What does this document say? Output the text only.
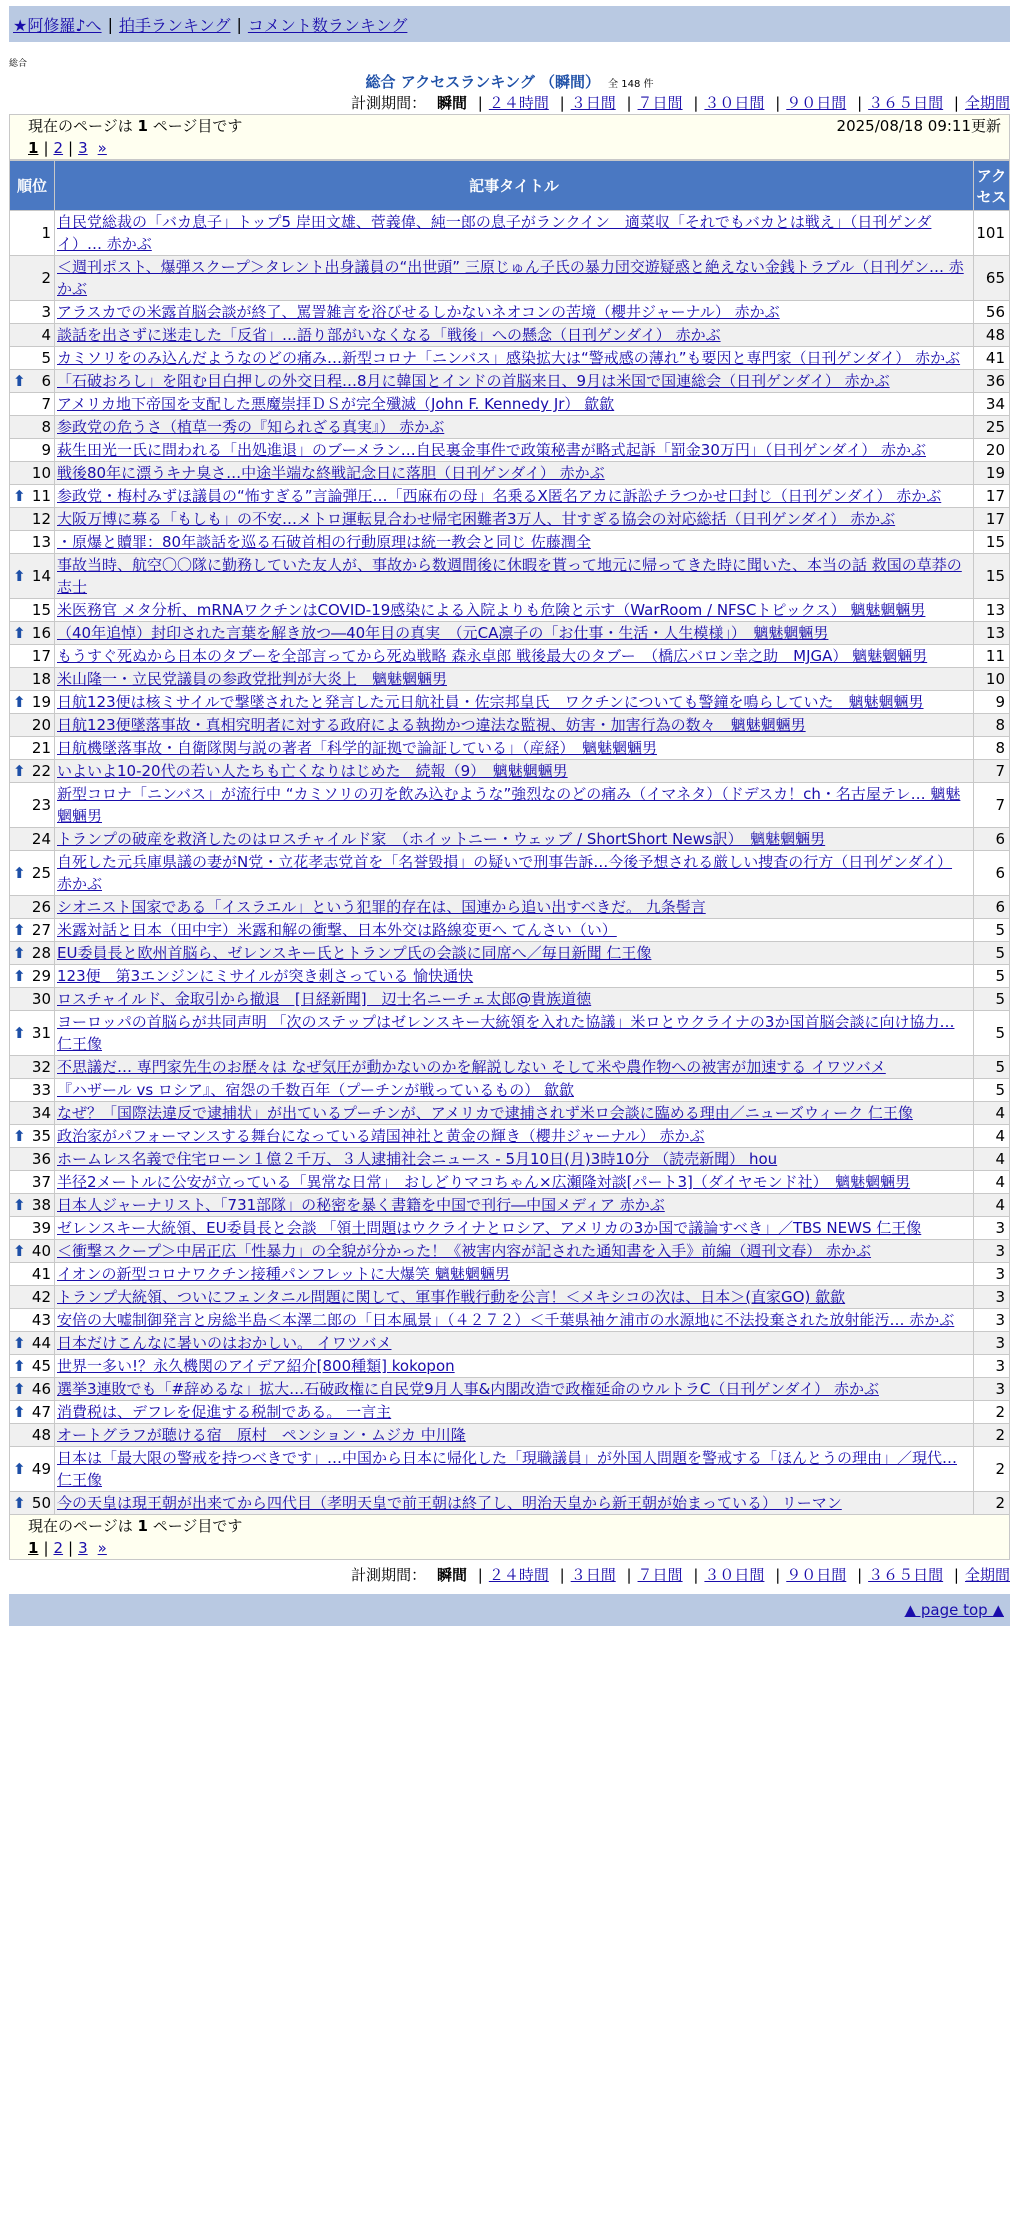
★阿修羅♪へ | 拍手ランキング | コメント数ランキング
総合
総合 アクセスランキング （瞬間） 全 148 件
計測期間： 瞬間 | ２４時間 | ３日間 | ７日間 | ３０日間 | ９０日間 | ３６５日間 | 全期間
現在のページは 1 ページ目です	2025/08/18 09:11更新
1 | 2 | 3 »
順位	記事タイトル	アクセス
1	自民党総裁の「バカ息子」トップ5 岸田文雄、菅義偉、純一郎の息子がランクイン　適菜収「それでもバカとは戦え」（日刊ゲンダイ）… 赤かぶ	101
2	＜週刊ポスト、爆弾スクープ＞タレント出身議員の“出世頭” 三原じゅん子氏の暴力団交遊疑惑と絶えない金銭トラブル（日刊ゲン… 赤かぶ	65
3	アラスカでの米露首脳会談が終了、罵詈雑言を浴びせるしかないネオコンの苦境（櫻井ジャーナル） 赤かぶ	56
4	談話を出さずに迷走した「反省」…語り部がいなくなる「戦後」への懸念（日刊ゲンダイ） 赤かぶ	48
5	カミソリをのみ込んだようなのどの痛み…新型コロナ「ニンバス」感染拡大は“警戒感の薄れ”も要因と専門家（日刊ゲンダイ） 赤かぶ	41

⬆ 6	「石破おろし」を阻む目白押しの外交日程…8月に韓国とインドの首脳来日、9月は米国で国連総会（日刊ゲンダイ） 赤かぶ	36
7	アメリカ地下帝国を支配した悪魔崇拝ＤＳが完全殲滅（John F. Kennedy Jr） 歙歙	34
8	参政党の危うさ（植草一秀の『知られざる真実』） 赤かぶ	25
9	萩生田光一氏に問われる「出処進退」のブーメラン…自民裏金事件で政策秘書が略式起訴「罰金30万円」（日刊ゲンダイ） 赤かぶ	20
10	戦後80年に漂うキナ臭さ…中途半端な終戦記念日に落胆（日刊ゲンダイ） 赤かぶ	19

⬆ 11	参政党・梅村みずほ議員の“怖すぎる”言論弾圧…「西麻布の母」名乗るX匿名アカに訴訟チラつかせ口封じ（日刊ゲンダイ） 赤かぶ	17
12	大阪万博に募る「もしも」の不安…メトロ運転見合わせ帰宅困難者3万人、甘すぎる協会の対応総括（日刊ゲンダイ） 赤かぶ	17
13	・原爆と贖罪：80年談話を巡る石破首相の行動原理は統一教会と同じ 佐藤潤全	15

⬆ 14	事故当時、航空〇〇隊に勤務していた友人が、事故から数週間後に休暇を貰って地元に帰ってきた時に聞いた、本当の話 救国の草莽の志士	15
15	米医務官 メタ分析、mRNAワクチンはCOVID-19感染による入院よりも危険と示す（WarRoom / NFSCトピックス） 魑魅魍魎男	13

⬆ 16	（40年追悼）封印された言葉を解き放つ―40年目の真実　（元CA凛子の「お仕事・生活・人生模様」）　魑魅魍魎男	13
17	もうすぐ死ぬから日本のタブーを全部言ってから死ぬ戦略 森永卓郎 戦後最大のタブー　（橋広バロン幸之助　MJGA） 魑魅魍魎男	11
18	米山隆一・立民党議員の参政党批判が大炎上　魑魅魍魎男	10

⬆ 19	日航123便は核ミサイルで撃墜されたと発言した元日航社員・佐宗邦皇氏　ワクチンについても警鐘を鳴らしていた　魑魅魍魎男	9
20	日航123便墜落事故・真相究明者に対する政府による執拗かつ違法な監視、妨害・加害行為の数々　魑魅魍魎男	8
21	日航機墜落事故・自衛隊関与説の著者「科学的証拠で論証している」（産経）　魑魅魍魎男	8

⬆ 22	いよいよ10-20代の若い人たちも亡くなりはじめた　続報（9）　魑魅魍魎男	7
23	新型コロナ「ニンバス」が流行中 “カミソリの刃を飲み込むような”強烈なのどの痛み（イマネタ）（ドデスカ！ch・名古屋テレ… 魑魅魍魎男	7
24	トランプの破産を救済したのはロスチャイルド家　（ホイットニー・ウェッブ / ShortShort News訳）　魑魅魍魎男	6

⬆ 25	自死した元兵庫県議の妻がN党・立花孝志党首を「名誉毀損」の疑いで刑事告訴…今後予想される厳しい捜査の行方（日刊ゲンダイ） 赤かぶ	6
26	シオニスト国家である「イスラエル」という犯罪的存在は、国連から追い出すべきだ。 九条髻言	6

⬆ 27	米露対話と日本（田中宇）米露和解の衝撃、日本外交は路線変更へ てんさい（い）	5

⬆ 28	EU委員長と欧州首脳ら、ゼレンスキー氏とトランプ氏の会談に同席へ／毎日新聞 仁王像	5

⬆ 29	123便　第3エンジンにミサイルが突き刺さっている 愉快通快	5
30	ロスチャイルド、金取引から撤退　[日経新聞]　辺士名ニーチェ太郎@貴族道徳	5

⬆ 31	ヨーロッパの首脳らが共同声明 「次のステップはゼレンスキー大統領を入れた協議」米ロとウクライナの3か国首脳会談に向け協力… 仁王像	5
32	不思議だ… 専門家先生のお歴々は なぜ気圧が動かないのかを解説しない そして米や農作物への被害が加速する イワツバメ	5
33	『ハザール vs ロシア』、宿怨の千数百年（プーチンが戦っているもの） 歙歙	5
34	なぜ？「国際法違反で逮捕状」が出ているプーチンが、アメリカで逮捕されず米ロ会談に臨める理由／ニューズウィーク 仁王像	4

⬆ 35	政治家がパフォーマンスする舞台になっている靖国神社と黄金の輝き（櫻井ジャーナル） 赤かぶ	4
36	ホームレス名義で住宅ローン１億２千万、３人逮捕社会ニュース - 5月10日(月)3時10分 （読売新聞） hou	4
37	半径2メートルに公安が立っている「異常な日常」　おしどりマコちゃん×広瀬隆対談[パート3]（ダイヤモンド社）　魑魅魍魎男	4

⬆ 38	日本人ジャーナリスト、「731部隊」の秘密を暴く書籍を中国で刊行―中国メディア 赤かぶ	4
39	ゼレンスキー大統領、EU委員長と会談 「領土問題はウクライナとロシア、アメリカの3か国で議論すべき」／TBS NEWS 仁王像	3

⬆ 40	＜衝撃スクープ＞中居正広「性暴力」の全貌が分かった！《被害内容が記された通知書を入手》前編（週刊文春） 赤かぶ	3
41	イオンの新型コロナワクチン接種パンフレットに大爆笑 魑魅魍魎男	3
42	トランプ大統領、ついにフェンタニル問題に関して、軍事作戦行動を公言！＜メキシコの次は、日本＞(直家GO) 歙歙	3
43	安倍の大嘘制御発言と房総半島＜本澤二郎の「日本風景」（４２７２）＜千葉県袖ケ浦市の水源地に不法投棄された放射能汚… 赤かぶ	3

⬆ 44	日本だけこんなに暑いのはおかしい。 イワツバメ	3

⬆ 45	世界一多い!？永久機関のアイデア紹介[800種類] kokopon	3

⬆ 46	選挙3連敗でも「#辞めるな」拡大…石破政権に自民党9月人事&内閣改造で政権延命のウルトラC（日刊ゲンダイ） 赤かぶ	3

⬆ 47	消費税は、デフレを促進する税制である。 一言主	2
48	オートグラフが聴ける宿　原村　ペンション・ムジカ 中川隆	2

⬆ 49	日本は「最大限の警戒を持つべきです」…中国から日本に帰化した「現職議員」が外国人問題を警戒する「ほんとうの理由」／現代… 仁王像	2

⬆ 50	今の天皇は現王朝が出来てから四代目（孝明天皇で前王朝は終了し、明治天皇から新王朝が始まっている） リーマン	2
現在のページは 1 ページ目です
1 | 2 | 3 »
計測期間： 瞬間 | ２４時間 | ３日間 | ７日間 | ３０日間 | ９０日間 | ３６５日間 | 全期間
▲ page top ▲
